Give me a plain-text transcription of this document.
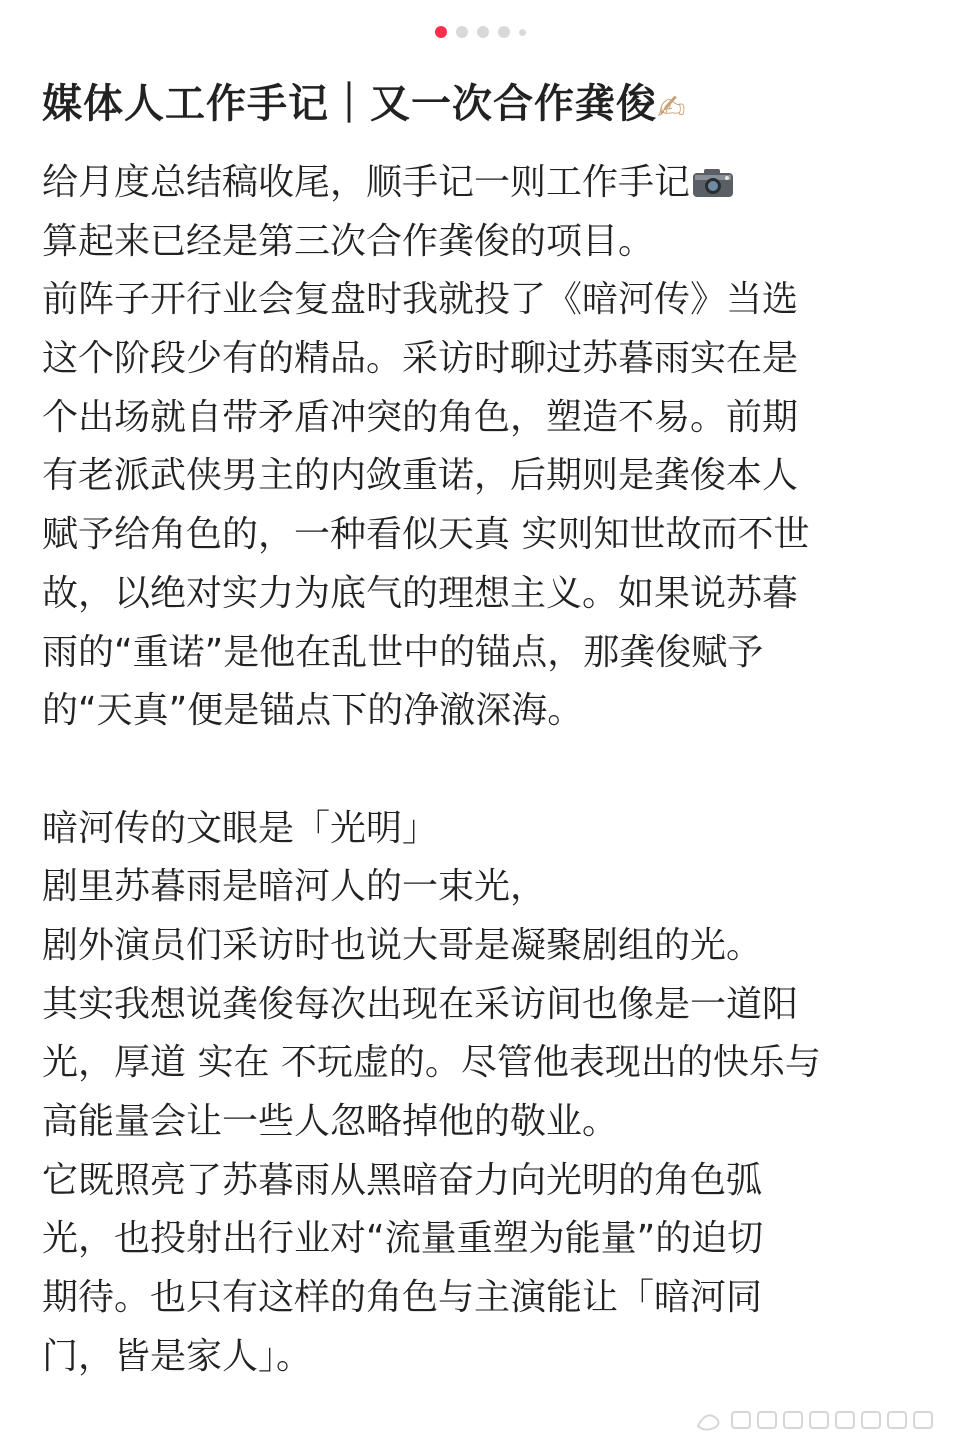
媒体人工作手记｜又一次合作龚俊✍
给月度总结稿收尾，顺手记一则工作手记
算起来已经是第三次合作龚俊的项目。
前阵子开行业会复盘时我就投了《暗河传》当选
这个阶段少有的精品。采访时聊过苏暮雨实在是
个出场就自带矛盾冲突的角色，塑造不易。前期
有老派武侠男主的内敛重诺，后期则是龚俊本人
赋予给角色的，一种看似天真 实则知世故而不世
故，以绝对实力为底气的理想主义。如果说苏暮
雨的“重诺”是他在乱世中的锚点，那龚俊赋予
的“天真”便是锚点下的净澈深海。
暗河传的文眼是「光明」
剧里苏暮雨是暗河人的一束光，
剧外演员们采访时也说大哥是凝聚剧组的光。
其实我想说龚俊每次出现在采访间也像是一道阳
光，厚道 实在 不玩虚的。尽管他表现出的快乐与
高能量会让一些人忽略掉他的敬业。
它既照亮了苏暮雨从黑暗奋力向光明的角色弧
光，也投射出行业对“流量重塑为能量”的迫切
期待。也只有这样的角色与主演能让「暗河同
门，皆是家人」。
